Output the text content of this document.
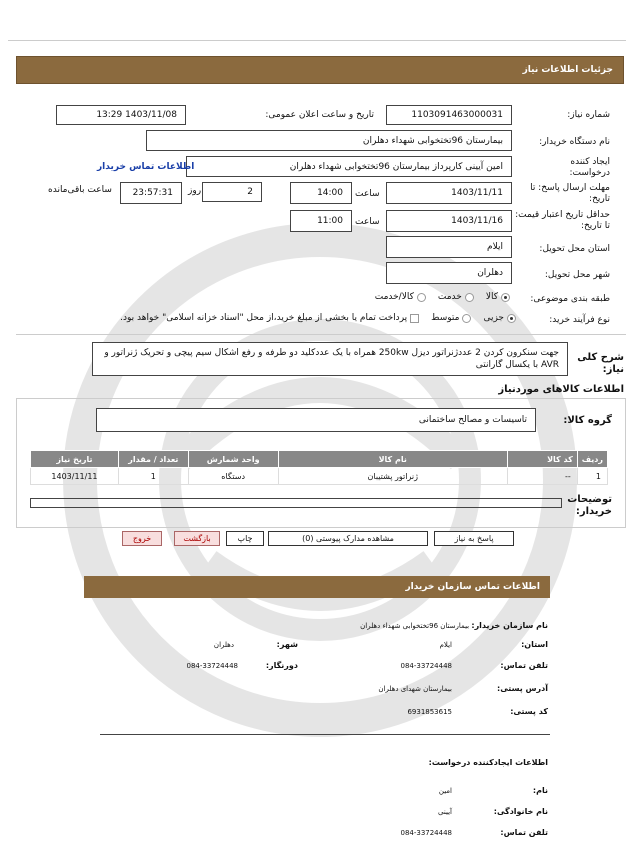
جزئیات اطلاعات نیاز
شماره نیاز:
1103091463000031
تاریخ و ساعت اعلان عمومی:
1403/11/08 13:29
نام دستگاه خریدار:
بیمارستان 96تختخوابی شهداء دهلران
ایجاد کننده درخواست:
امین آیینی کارپرداز بیمارستان 96تختخوابی شهداء دهلران
اطلاعات تماس خریدار
مهلت ارسال پاسخ: تا تاریخ:
1403/11/11
ساعت
14:00
2
روز
23:57:31
ساعت باقی‌مانده
حداقل تاریخ اعتبار قیمت: تا تاریخ:
1403/11/16
ساعت
11:00
استان محل تحویل:
ایلام
شهر محل تحویل:
دهلران
طبقه بندی موضوعی:
کالا
خدمت
کالا/خدمت
نوع فرآیند خرید:
جزیی
متوسط
پرداخت تمام یا بخشی از مبلغ خرید،از محل "اسناد خزانه اسلامی" خواهد بود.
شرح کلی نیاز:
جهت سنکرون کردن 2 عددژنراتور دیزل 250kw همراه با یک عددکلید دو طرفه و رفع اشکال سیم پیچی و تحریک ژنراتور و AVR با یکسال گارانتی
اطلاعات کالاهای موردنیاز
گروه کالا:
تاسیسات و مصالح ساختمانی
ردیف	کد کالا	نام کالا	واحد شمارش	تعداد / مقدار	تاریخ نیاز
1	--	ژنراتور پشتیبان	دستگاه	1	1403/11/11
توضیحات خریدار:
پاسخ به نیاز
مشاهده مدارک پیوستی (0)
چاپ
بازگشت
خروج
اطلاعات تماس سازمان خریدار
نام سازمان خریدار: بیمارستان 96تختخوابی شهداء دهلران
استان:
ایلام
شهر:
دهلران
تلفن تماس:
084-33724448
دورنگار:
084-33724448
آدرس پستی:
بیمارستان شهدای دهلران
کد پستی:
6931853615
اطلاعات ایجادکننده درخواست:
نام:
امین
نام خانوادگی:
آیینی
تلفن تماس:
084-33724448
